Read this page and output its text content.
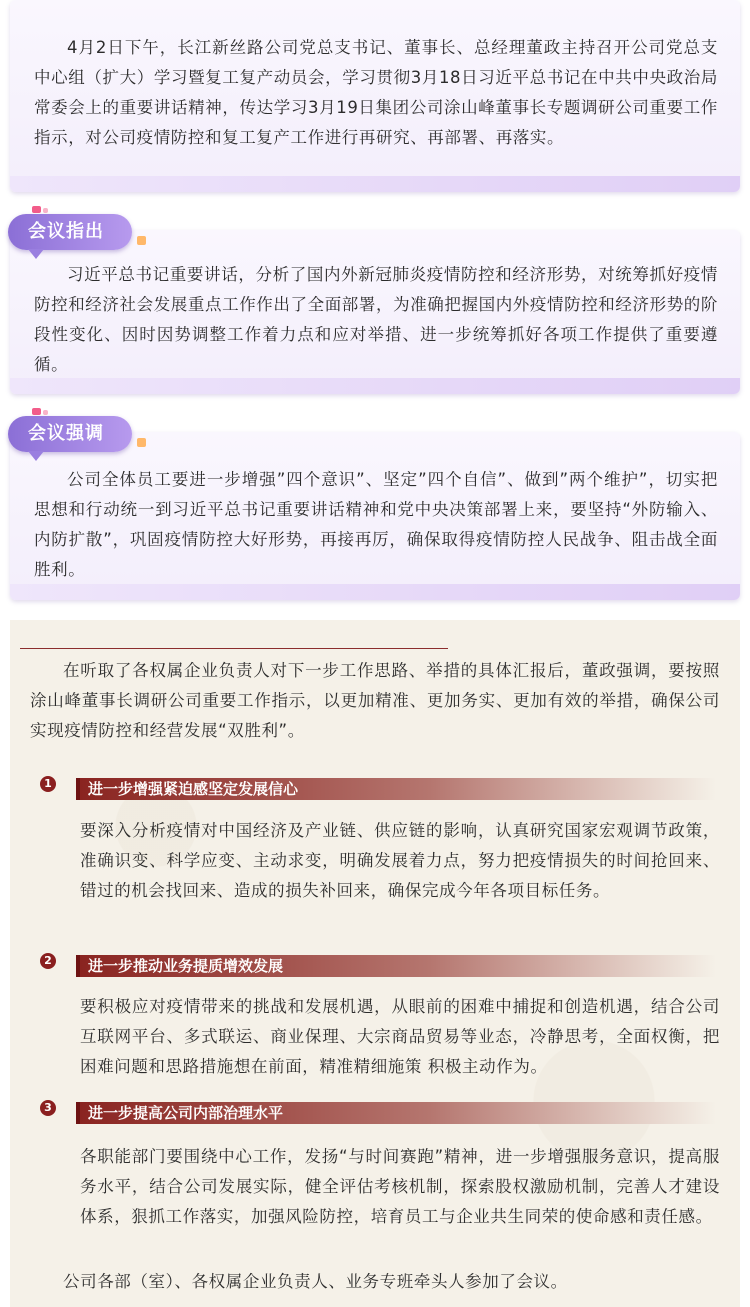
4月2日下午，长江新丝路公司党总支书记、董事长、总经理董政主持召开公司党总支中心组（扩大）学习暨复工复产动员会，学习贯彻3月18日习近平总书记在中共中央政治局常委会上的重要讲话精神，传达学习3月19日集团公司涂山峰董事长专题调研公司重要工作指示，对公司疫情防控和复工复产工作进行再研究、再部署、再落实。

会议指出

习近平总书记重要讲话，分析了国内外新冠肺炎疫情防控和经济形势，对统筹抓好疫情防控和经济社会发展重点工作作出了全面部署，为准确把握国内外疫情防控和经济形势的阶段性变化、因时因势调整工作着力点和应对举措、进一步统筹抓好各项工作提供了重要遵循。

会议强调

公司全体员工要进一步增强”四个意识”、坚定”四个自信”、做到”两个维护”，切实把思想和行动统一到习近平总书记重要讲话精神和党中央决策部署上来，要坚持“外防输入、内防扩散”，巩固疫情防控大好形势，再接再厉，确保取得疫情防控人民战争、阻击战全面胜利。

在听取了各权属企业负责人对下一步工作思路、举措的具体汇报后，董政强调，要按照涂山峰董事长调研公司重要工作指示，以更加精准、更加务实、更加有效的举措，确保公司实现疫情防控和经营发展“双胜利”。

1	进一步增强紧迫感坚定发展信心

要深入分析疫情对中国经济及产业链、供应链的影响，认真研究国家宏观调节政策，准确识变、科学应变、主动求变，明确发展着力点，努力把疫情损失的时间抢回来、错过的机会找回来、造成的损失补回来，确保完成今年各项目标任务。

2	进一步推动业务提质增效发展

要积极应对疫情带来的挑战和发展机遇，从眼前的困难中捕捉和创造机遇，结合公司互联网平台、多式联运、商业保理、大宗商品贸易等业态，冷静思考，全面权衡，把困难问题和思路措施想在前面，精准精细施策 积极主动作为。

3	进一步提高公司内部治理水平

各职能部门要围绕中心工作，发扬“与时间赛跑”精神，进一步增强服务意识，提高服务水平，结合公司发展实际，健全评估考核机制，探索股权激励机制，完善人才建设体系，狠抓工作落实，加强风险防控，培育员工与企业共生同荣的使命感和责任感。

公司各部（室）、各权属企业负责人、业务专班牵头人参加了会议。
